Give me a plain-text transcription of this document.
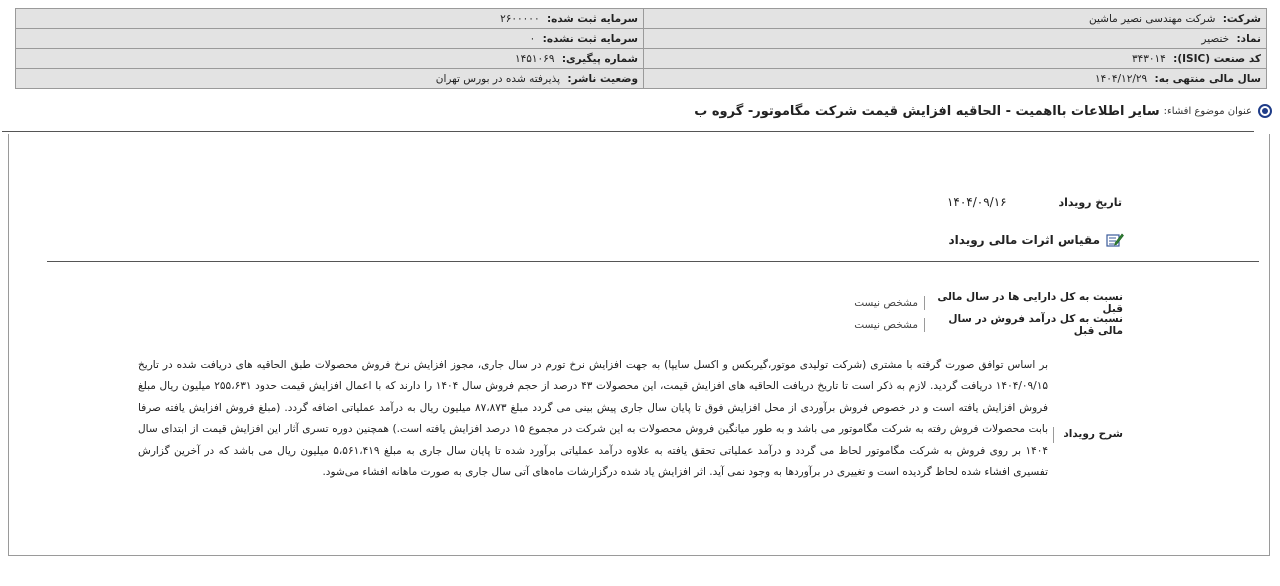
شرکت: شرکت مهندسی نصیر ماشین	سرمایه ثبت شده: ۲۶۰۰۰۰۰
نماد: خنصیر	سرمایه ثبت نشده: ۰
کد صنعت (ISIC): ۳۴۳۰۱۴	شماره پیگیری: ۱۴۵۱۰۶۹
سال مالی منتهی به: ۱۴۰۴/۱۲/۲۹	وضعیت ناشر: پذیرفته شده در بورس تهران
عنوان موضوع افشاء:
سایر اطلاعات بااهمیت - الحاقیه افزایش قیمت شرکت مگاموتور- گروه ب
تاریخ رویداد ۱۴۰۴/۰۹/۱۶
مقیاس اثرات مالی رویداد
نسبت به کل دارایی ها در سال مالی قبل
مشخص نیست
نسبت به کل درآمد فروش در سال مالی قبل
مشخص نیست
شرح رویداد
بر اساس توافق صورت گرفته با مشتری (شرکت تولیدی موتور،گیربکس و اکسل سایپا) به جهت افزایش نرخ تورم در سال جاری، مجوز افزایش نرخ فروش محصولات طبق الحاقیه های دریافت شده در تاریخ ۱۴۰۴/۰۹/۱۵ دریافت گردید. لازم به ذکر است تا تاریخ دریافت الحاقیه های افزایش قیمت، این محصولات ۴۳ درصد از حجم فروش سال ۱۴۰۴ را دارند که با اعمال افزایش قیمت حدود ۲۵۵،۶۳۱ میلیون ریال مبلغ فروش افزایش یافته است و در خصوص فروش برآوردی از محل افزایش فوق تا پایان سال جاری پیش بینی می گردد مبلغ ۸۷،۸۷۳ میلیون ریال به درآمد عملیاتی اضافه گردد. (مبلغ فروش افزایش یافته صرفا بابت محصولات فروش رفته به شرکت مگاموتور می باشد و به طور میانگین فروش محصولات به این شرکت در مجموع ۱۵ درصد افزایش یافته است.) همچنین دوره تسری آثار این افزایش قیمت از ابتدای سال ۱۴۰۴ بر روی فروش به شرکت مگاموتور لحاظ می گردد و درآمد عملیاتی تحقق یافته به علاوه درآمد عملیاتی برآورد شده تا پایان سال جاری به مبلغ ۵،۵۶۱،۴۱۹ میلیون ریال می باشد که در آخرین گزارش تفسیری افشاء شده لحاظ گردیده است و تغییری در برآوردها به وجود نمی آید. اثر افزایش یاد شده درگزارشات ماه‌های آتی سال جاری به صورت ماهانه افشاء می‌شود.
